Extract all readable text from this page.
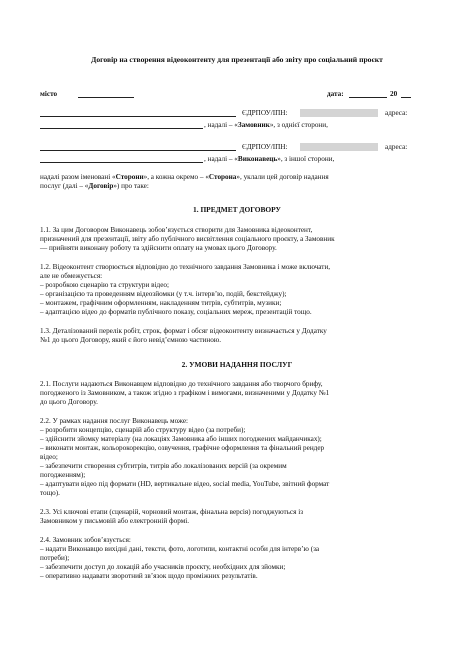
Договір на створення відеоконтенту для презентації або звіту про соціальний проєкт
місто	дата:	20
ЄДРПОУ/ІПН:	адреса:
, надалі – «Замовник», з однієї сторони,
ЄДРПОУ/ІПН:	адреса:
, надалі – «Виконавець», з іншої сторони,
надалі разом іменовані «Сторони», а кожна окремо – «Сторона», уклали цей договір надання
послуг (далі – «Договір») про таке:
1. ПРЕДМЕТ ДОГОВОРУ
1.1. За цим Договором Виконавець зобов’язується створити для Замовника відеоконтент,
призначений для презентації, звіту або публічного висвітлення соціального проєкту, а Замовник
— прийняти виконану роботу та здійснити оплату на умовах цього Договору.
1.2. Відеоконтент створюється відповідно до технічного завдання Замовника і може включати,
але не обмежується:
– розробкою сценарію та структури відео;
– організацією та проведенням відеозйомки (у т.ч. інтерв’ю, подій, бекстейджу);
– монтажем, графічним оформленням, накладенням титрів, субтитрів, музики;
– адаптацією відео до форматів публічного показу, соціальних мереж, презентацій тощо.
1.3. Деталізований перелік робіт, строк, формат і обсяг відеоконтенту визначається у Додатку
№1 до цього Договору, який є його невід’ємною частиною.
2. УМОВИ НАДАННЯ ПОСЛУГ
2.1. Послуги надаються Виконавцем відповідно до технічного завдання або творчого брифу,
погодженого із Замовником, а також згідно з графіком і вимогами, визначеними у Додатку №1
до цього Договору.
2.2. У рамках надання послуг Виконавець може:
– розробити концепцію, сценарій або структуру відео (за потреби);
– здійснити зйомку матеріалу (на локаціях Замовника або інших погоджених майданчиках);
– виконати монтаж, кольорокорекцію, озвучення, графічне оформлення та фінальний рендер
відео;
– забезпечити створення субтитрів, титрів або локалізованих версій (за окремим
погодженням);
– адаптувати відео під формати (HD, вертикальне відео, social media, YouTube, звітний формат
тощо).
2.3. Усі ключові етапи (сценарій, чорновий монтаж, фінальна версія) погоджуються із
Замовником у письмовій або електронній формі.
2.4. Замовник зобов’язується:
– надати Виконавцю вихідні дані, тексти, фото, логотипи, контактні особи для інтерв’ю (за
потреби);
– забезпечити доступ до локацій або учасників проєкту, необхідних для зйомки;
– оперативно надавати зворотний зв’язок щодо проміжних результатів.
